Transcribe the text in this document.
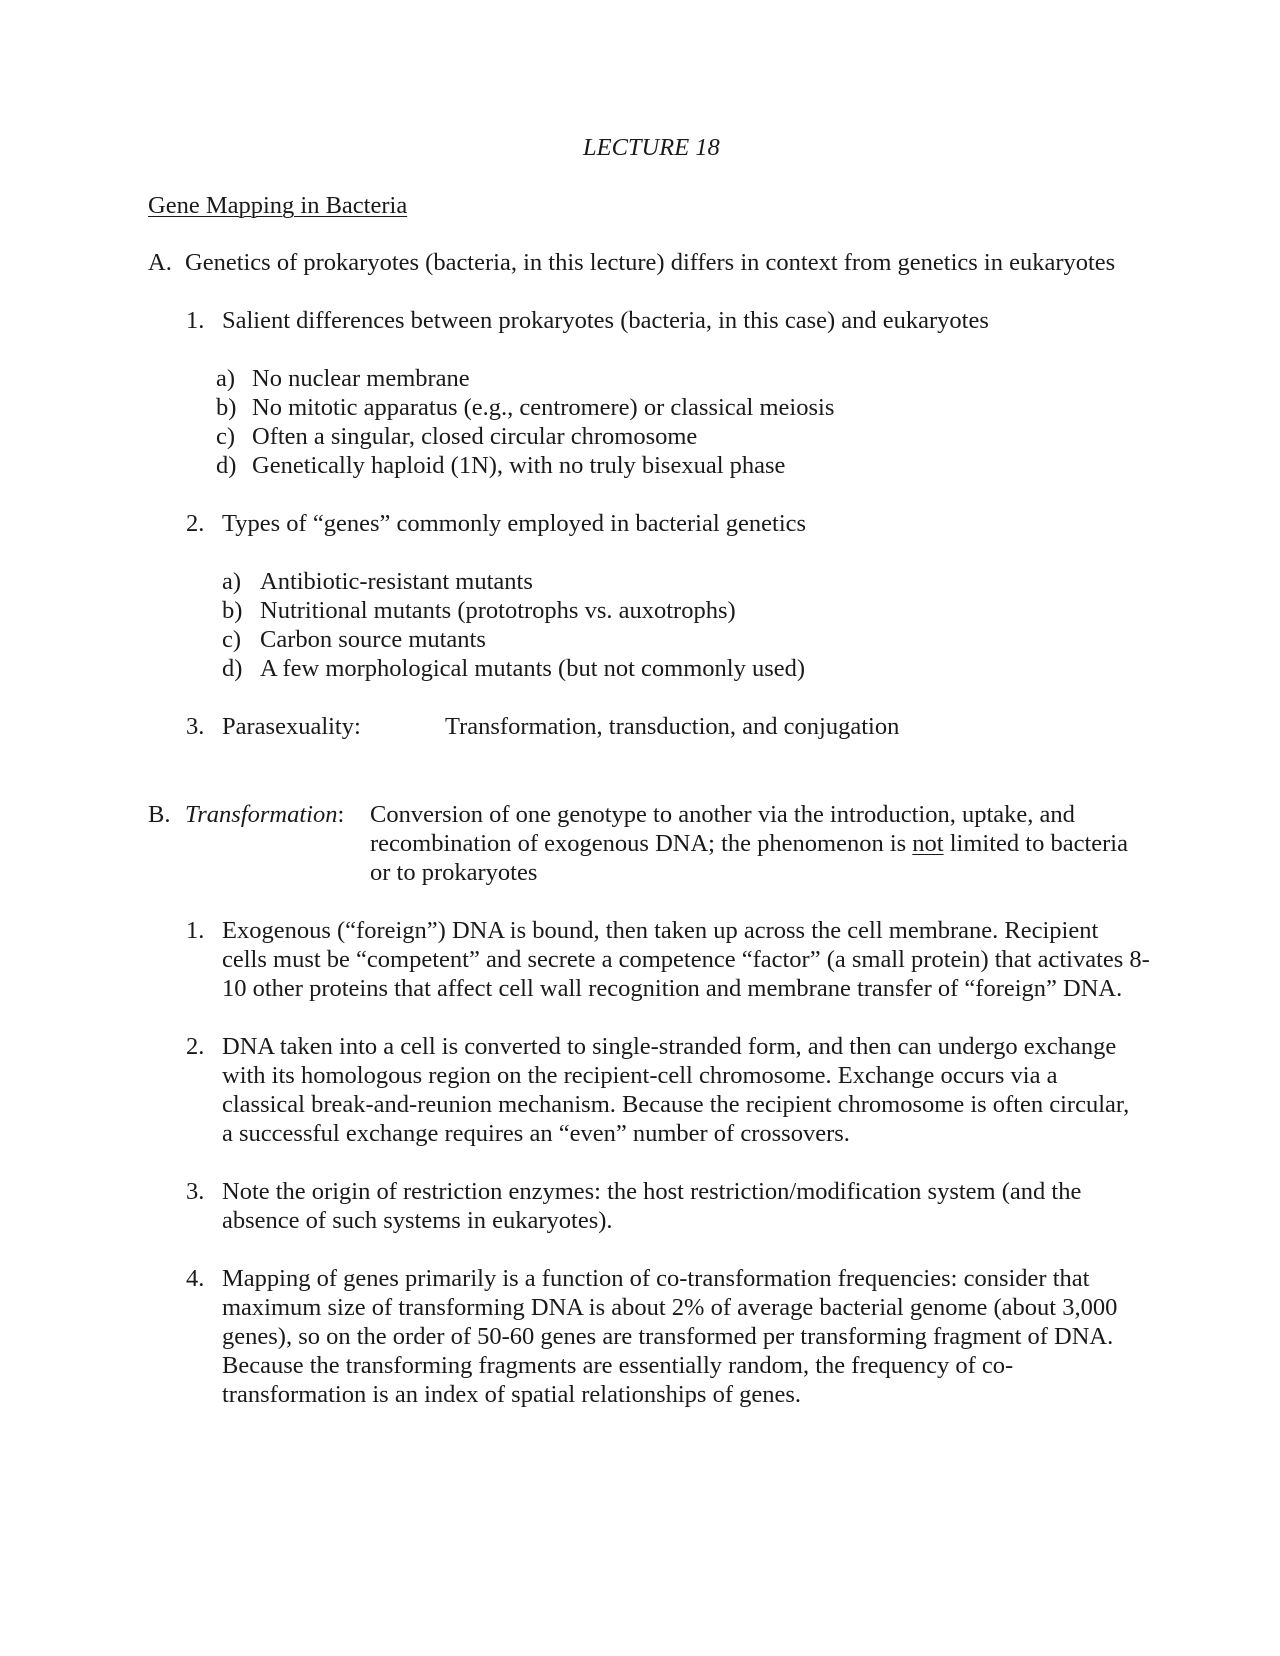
LECTURE 18
Gene Mapping in Bacteria
A. Genetics of prokaryotes (bacteria, in this lecture) differs in context from genetics in eukaryotes
1. Salient differences between prokaryotes (bacteria, in this case) and eukaryotes
a) No nuclear membrane
b) No mitotic apparatus (e.g., centromere) or classical meiosis
c) Often a singular, closed circular chromosome
d) Genetically haploid (1N), with no truly bisexual phase
2. Types of “genes” commonly employed in bacterial genetics
a) Antibiotic-resistant mutants
b) Nutritional mutants (prototrophs vs. auxotrophs)
c) Carbon source mutants
d) A few morphological mutants (but not commonly used)
3. Parasexuality:	Transformation, transduction, and conjugation
B. Transformation: Conversion of one genotype to another via the introduction, uptake, and
recombination of exogenous DNA; the phenomenon is not limited to bacteria
or to prokaryotes
1. Exogenous (“foreign”) DNA is bound, then taken up across the cell membrane. Recipient
cells must be “competent” and secrete a competence “factor” (a small protein) that activates 8-
10 other proteins that affect cell wall recognition and membrane transfer of “foreign” DNA.
2. DNA taken into a cell is converted to single-stranded form, and then can undergo exchange
with its homologous region on the recipient-cell chromosome. Exchange occurs via a
classical break-and-reunion mechanism. Because the recipient chromosome is often circular,
a successful exchange requires an “even” number of crossovers.
3. Note the origin of restriction enzymes: the host restriction/modification system (and the
absence of such systems in eukaryotes).
4. Mapping of genes primarily is a function of co-transformation frequencies: consider that
maximum size of transforming DNA is about 2% of average bacterial genome (about 3,000
genes), so on the order of 50-60 genes are transformed per transforming fragment of DNA.
Because the transforming fragments are essentially random, the frequency of co-
transformation is an index of spatial relationships of genes.
